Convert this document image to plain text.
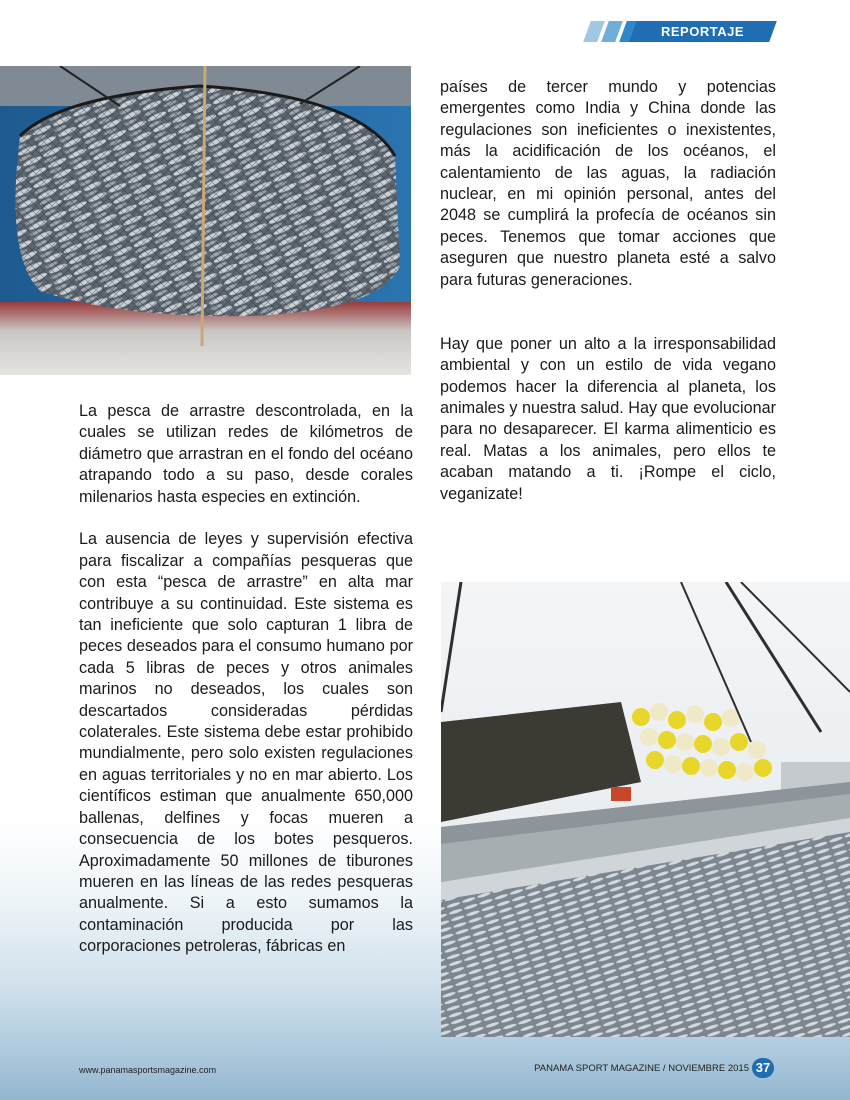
REPORTAJE

La pesca de arrastre descontrolada, en la cuales se utilizan redes de kilómetros de diámetro que arrastran en el fondo del océano atrapando todo a su paso, desde corales milenarios hasta especies en extinción.

La ausencia de leyes y supervisión efectiva para fiscalizar a compañías pesqueras que con esta “pesca de arrastre” en alta mar contribuye a su continuidad. Este sistema es tan ineficiente que solo capturan 1 libra de peces deseados para el consumo humano por cada 5 libras de peces y otros animales marinos no deseados, los cuales son descartados consideradas pérdidas colaterales. Este sistema debe estar prohibido mundialmente, pero solo existen regulaciones en aguas territoriales y no en mar abierto. Los científicos estiman que anualmente 650,000 ballenas, delfines y focas mueren a consecuencia de los botes pesqueros. Aproximadamente 50 millones de tiburones mueren en las líneas de las redes pesqueras anualmente. Si a esto sumamos la contaminación producida por las corporaciones petroleras, fábricas en

países de tercer mundo y potencias emergentes como India y China donde las regulaciones son ineficientes o inexistentes, más la acidificación de los océanos, el calentamiento de las aguas, la radiación nuclear, en mi opinión personal, antes del 2048 se cumplirá la profecía de océanos sin peces. Tenemos que tomar acciones que aseguren que nuestro planeta esté a salvo para futuras generaciones.

Hay que poner un alto a la irresponsabilidad ambiental y con un estilo de vida vegano podemos hacer la diferencia al planeta, los animales y nuestra salud. Hay que evolucionar para no desaparecer. El karma alimenticio es real. Matas a los animales, pero ellos te acaban matando a ti. ¡Rompe el ciclo, veganizate!

www.panamasportsmagazine.com	PANAMA SPORT MAGAZINE / NOVIEMBRE 2015 37
